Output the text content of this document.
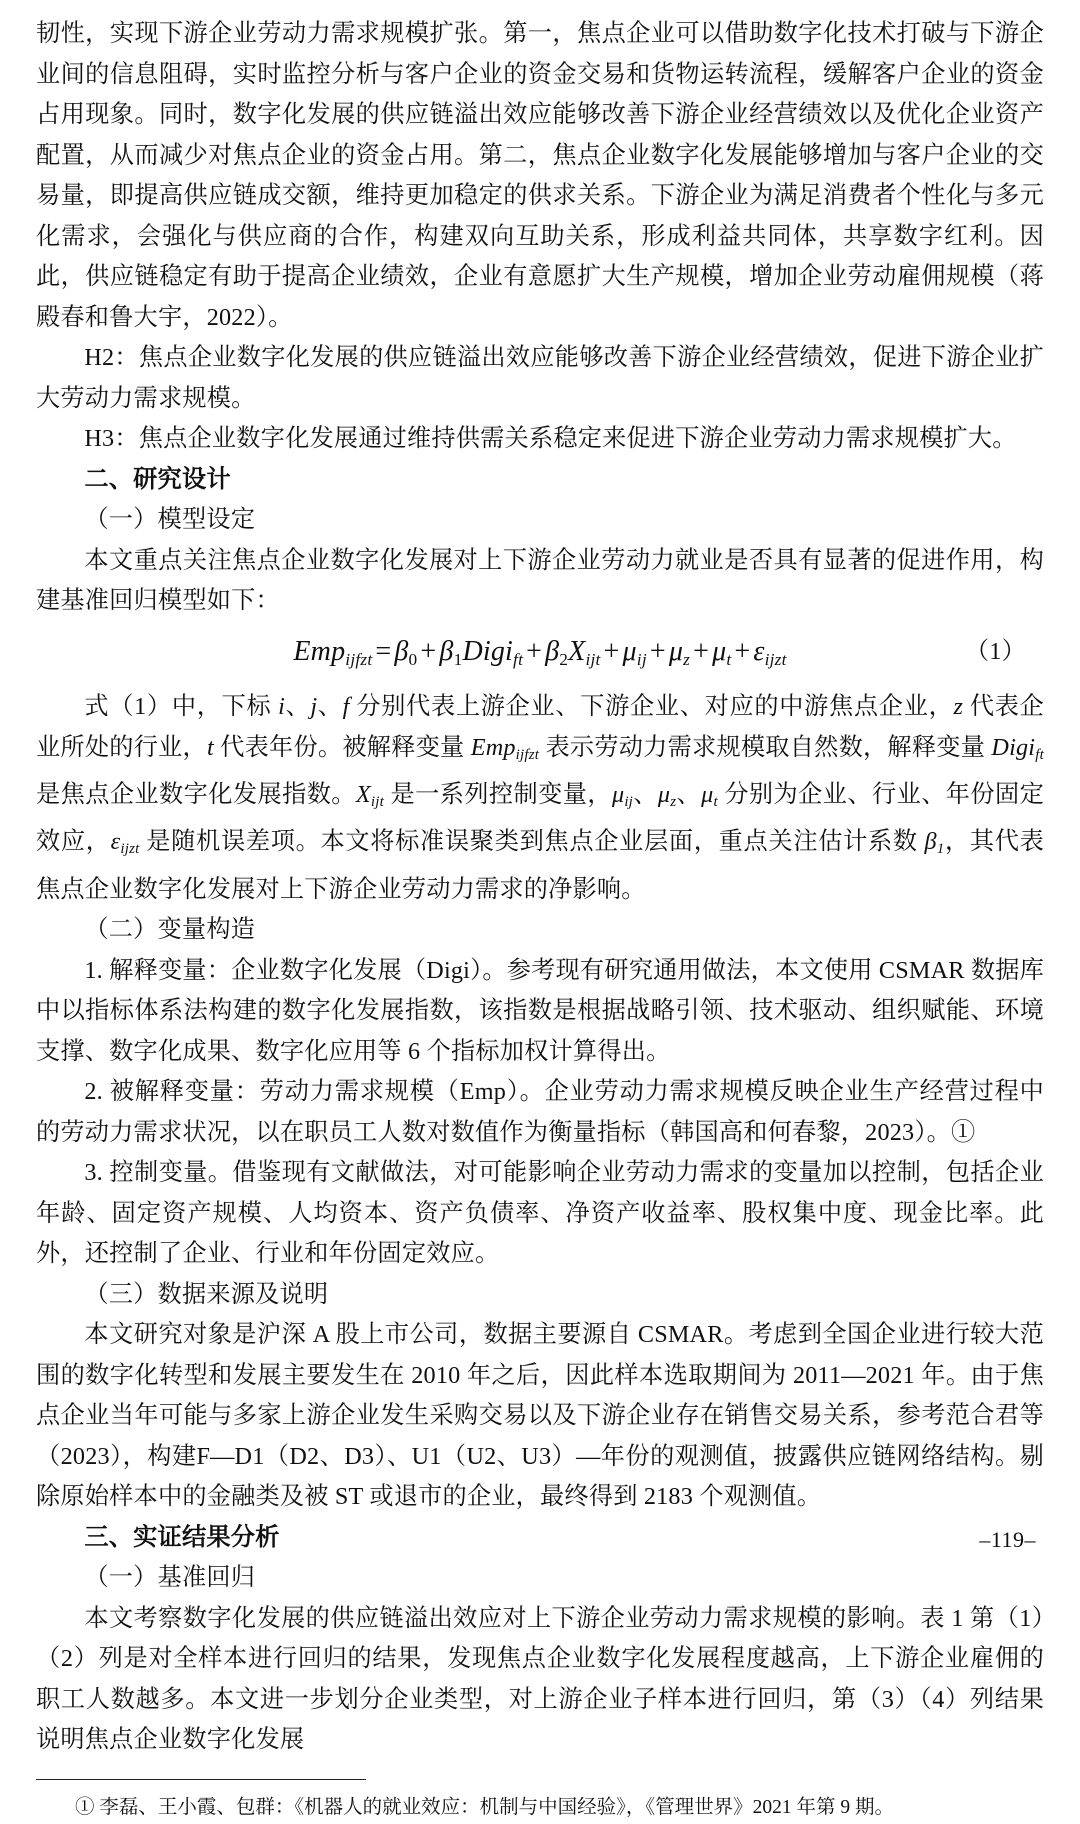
韧性，实现下游企业劳动力需求规模扩张。第一，焦点企业可以借助数字化技术打破与下游企业间的信息阻碍，实时监控分析与客户企业的资金交易和货物运转流程，缓解客户企业的资金占用现象。同时，数字化发展的供应链溢出效应能够改善下游企业经营绩效以及优化企业资产配置，从而减少对焦点企业的资金占用。第二，焦点企业数字化发展能够增加与客户企业的交易量，即提高供应链成交额，维持更加稳定的供求关系。下游企业为满足消费者个性化与多元化需求，会强化与供应商的合作，构建双向互助关系，形成利益共同体，共享数字红利。因此，供应链稳定有助于提高企业绩效，企业有意愿扩大生产规模，增加企业劳动雇佣规模（蒋殿春和鲁大宇，2022）。

H2：焦点企业数字化发展的供应链溢出效应能够改善下游企业经营绩效，促进下游企业扩大劳动力需求规模。

H3：焦点企业数字化发展通过维持供需关系稳定来促进下游企业劳动力需求规模扩大。

二、研究设计

（一）模型设定

本文重点关注焦点企业数字化发展对上下游企业劳动力就业是否具有显著的促进作用，构建基准回归模型如下：

$Emp_{ijfzt} = \beta_0$ + $\beta_1Digi_{ft} + \beta_2X_{ijt} + \mu_{ij} + \mu_z + \mu_t + \varepsilon_{ijzt}$	（1）

式（1）中，下标 i、j、f 分别代表上游企业、下游企业、对应的中游焦点企业，z 代表企业所处的行业，t 代表年份。被解释变量 Emp$_{ijfzt}$ 表示劳动力需求规模取自然数，解释变量 Digi$_{ft}$ 是焦点企业数字化发展指数。$X_{ijt}$ 是一系列控制变量，$\mu_{ij}$、$\mu_z$、$\mu_t$ 分别为企业、行业、年份固定效应，$\varepsilon_{ijzt}$ 是随机误差项。本文将标准误聚类到焦点企业层面，重点关注估计系数 $\beta_1$，其代表焦点企业数字化发展对上下游企业劳动力需求的净影响。

（二）变量构造

1. 解释变量：企业数字化发展（Digi）。参考现有研究通用做法，本文使用 CSMAR 数据库中以指标体系法构建的数字化发展指数，该指数是根据战略引领、技术驱动、组织赋能、环境支撑、数字化成果、数字化应用等 6 个指标加权计算得出。

2. 被解释变量：劳动力需求规模（Emp）。企业劳动力需求规模反映企业生产经营过程中的劳动力需求状况，以在职员工人数对数值作为衡量指标（韩国高和何春黎，2023）。①

3. 控制变量。借鉴现有文献做法，对可能影响企业劳动力需求的变量加以控制，包括企业年龄、固定资产规模、人均资本、资产负债率、净资产收益率、股权集中度、现金比率。此外，还控制了企业、行业和年份固定效应。

（三）数据来源及说明

本文研究对象是沪深 A 股上市公司，数据主要源自 CSMAR。考虑到全国企业进行较大范围的数字化转型和发展主要发生在 2010 年之后，因此样本选取期间为 2011—2021 年。由于焦点企业当年可能与多家上游企业发生采购交易以及下游企业存在销售交易关系，参考范合君等（2023），构建F—D1（D2、D3）、U1（U2、U3）—年份的观测值，披露供应链网络结构。剔除原始样本中的金融类及被 ST 或退市的企业，最终得到 2183 个观测值。

三、实证结果分析

（一）基准回归

本文考察数字化发展的供应链溢出效应对上下游企业劳动力需求规模的影响。表 1 第（1）（2）列是对全样本进行回归的结果，发现焦点企业数字化发展程度越高，上下游企业雇佣的职工人数越多。本文进一步划分企业类型，对上游企业子样本进行回归，第（3）（4）列结果说明焦点企业数字化发展

① 李磊、王小霞、包群：《机器人的就业效应：机制与中国经验》，《管理世界》2021 年第 9 期。

–119–
